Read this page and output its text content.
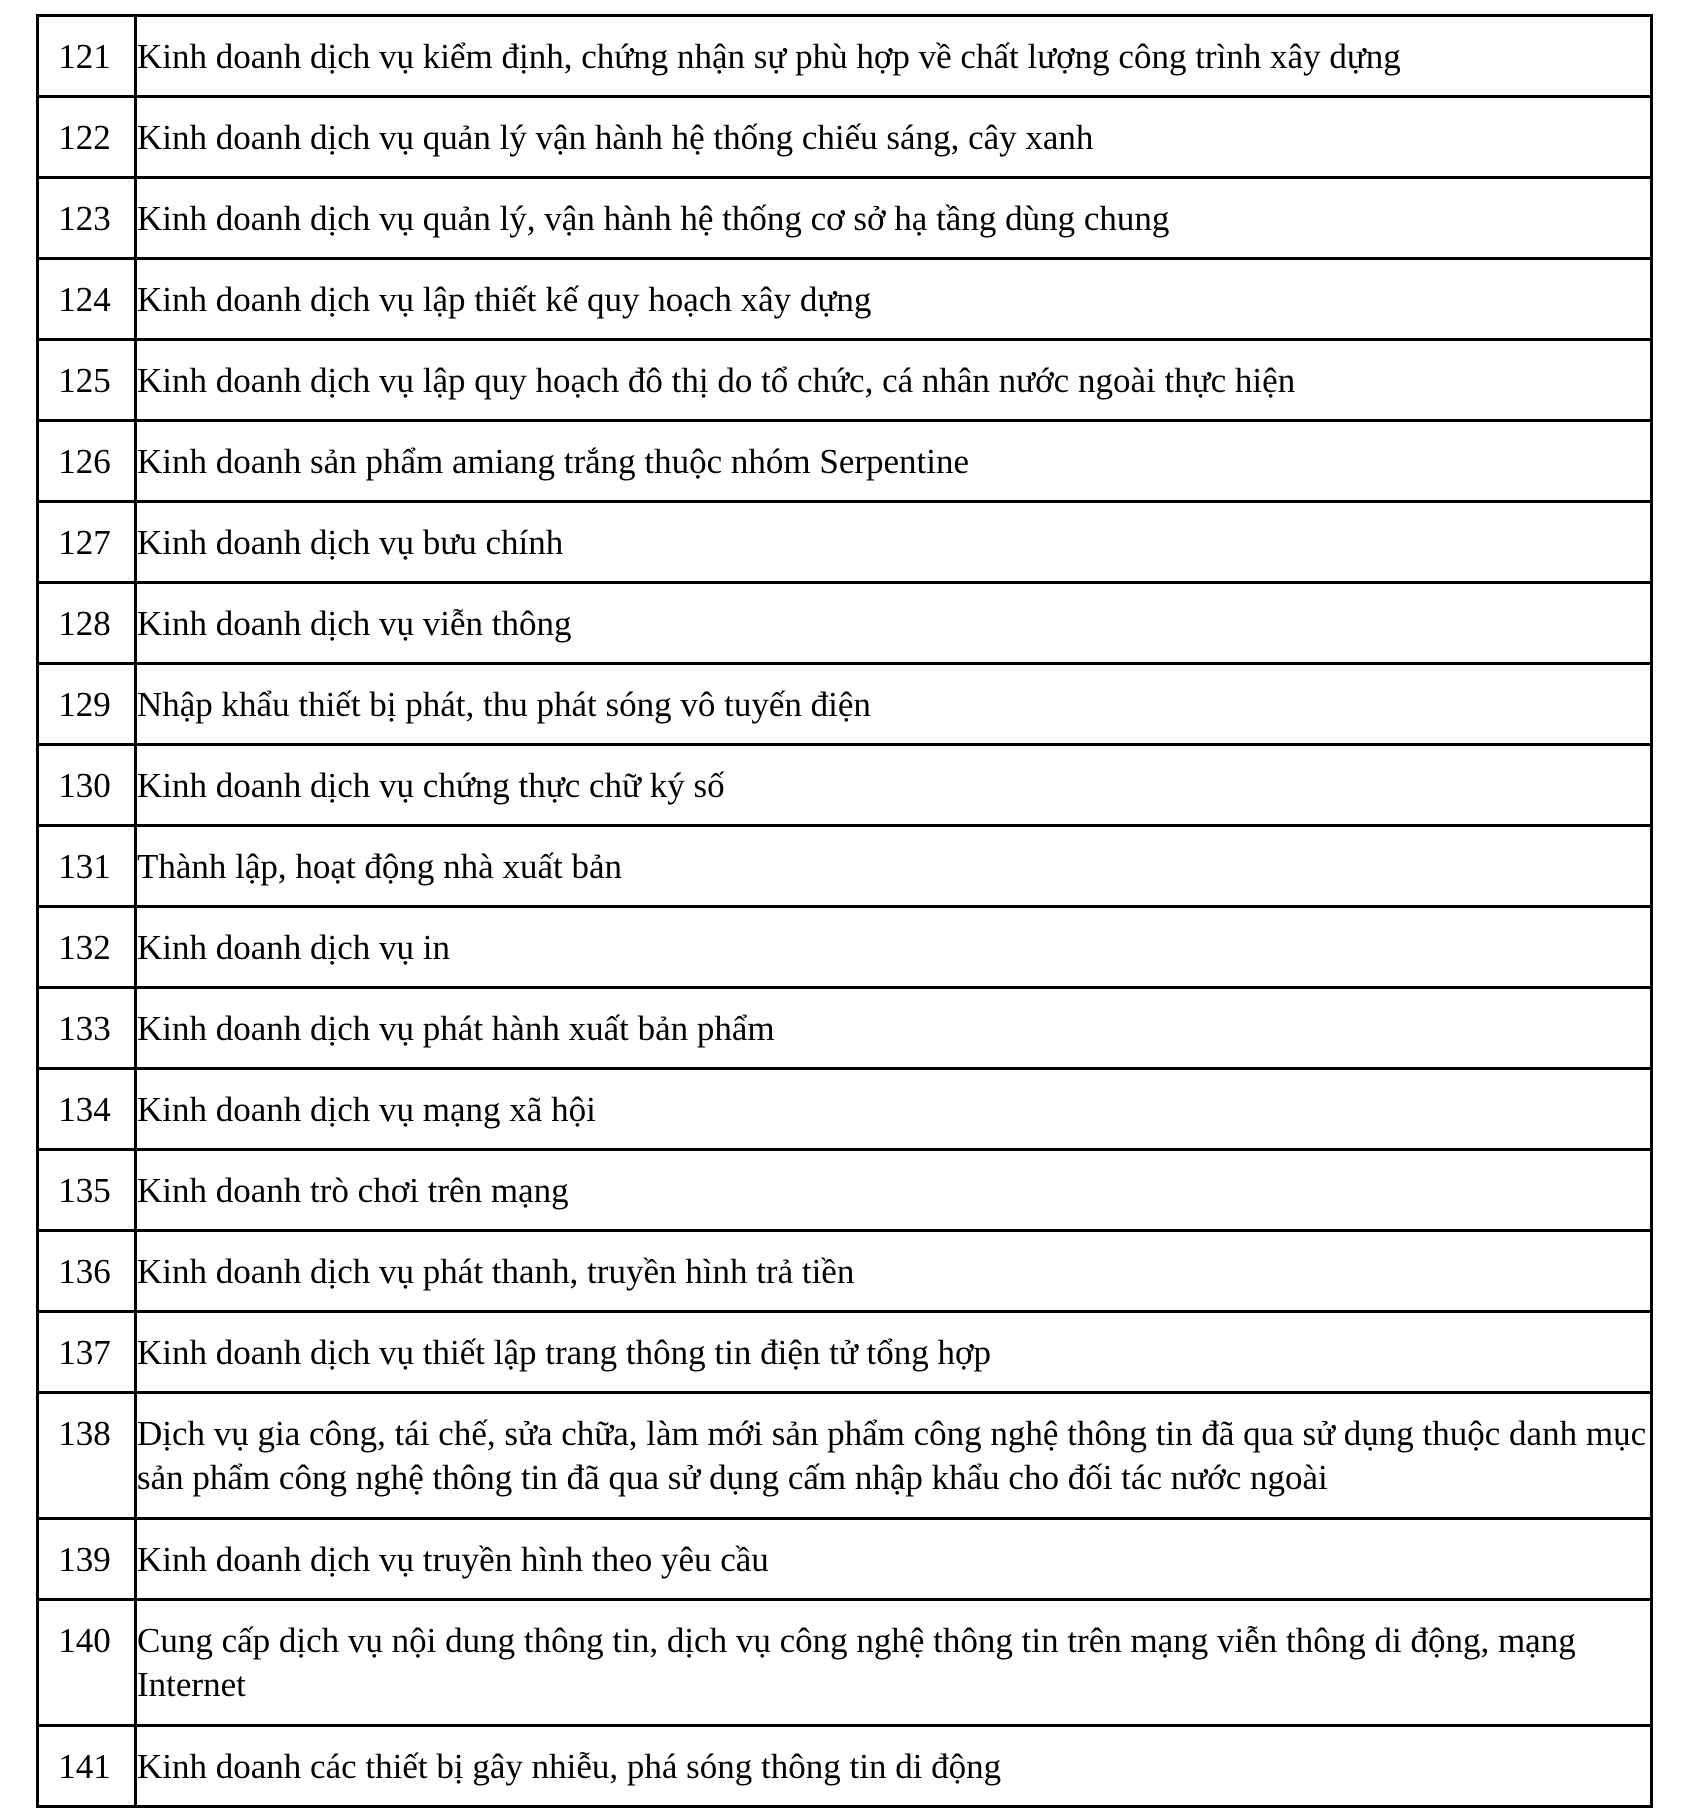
121	Kinh doanh dịch vụ kiểm định, chứng nhận sự phù hợp về chất lượng công trình xây dựng
122	Kinh doanh dịch vụ quản lý vận hành hệ thống chiếu sáng, cây xanh
123	Kinh doanh dịch vụ quản lý, vận hành hệ thống cơ sở hạ tầng dùng chung
124	Kinh doanh dịch vụ lập thiết kế quy hoạch xây dựng
125	Kinh doanh dịch vụ lập quy hoạch đô thị do tổ chức, cá nhân nước ngoài thực hiện
126	Kinh doanh sản phẩm amiang trắng thuộc nhóm Serpentine
127	Kinh doanh dịch vụ bưu chính
128	Kinh doanh dịch vụ viễn thông
129	Nhập khẩu thiết bị phát, thu phát sóng vô tuyến điện
130	Kinh doanh dịch vụ chứng thực chữ ký số
131	Thành lập, hoạt động nhà xuất bản
132	Kinh doanh dịch vụ in
133	Kinh doanh dịch vụ phát hành xuất bản phẩm
134	Kinh doanh dịch vụ mạng xã hội
135	Kinh doanh trò chơi trên mạng
136	Kinh doanh dịch vụ phát thanh, truyền hình trả tiền
137	Kinh doanh dịch vụ thiết lập trang thông tin điện tử tổng hợp
138	Dịch vụ gia công, tái chế, sửa chữa, làm mới sản phẩm công nghệ thông tin đã qua sử dụng thuộc danh mục sản phẩm công nghệ thông tin đã qua sử dụng cấm nhập khẩu cho đối tác nước ngoài
139	Kinh doanh dịch vụ truyền hình theo yêu cầu
140	Cung cấp dịch vụ nội dung thông tin, dịch vụ công nghệ thông tin trên mạng viễn thông di động, mạng Internet
141	Kinh doanh các thiết bị gây nhiễu, phá sóng thông tin di động
